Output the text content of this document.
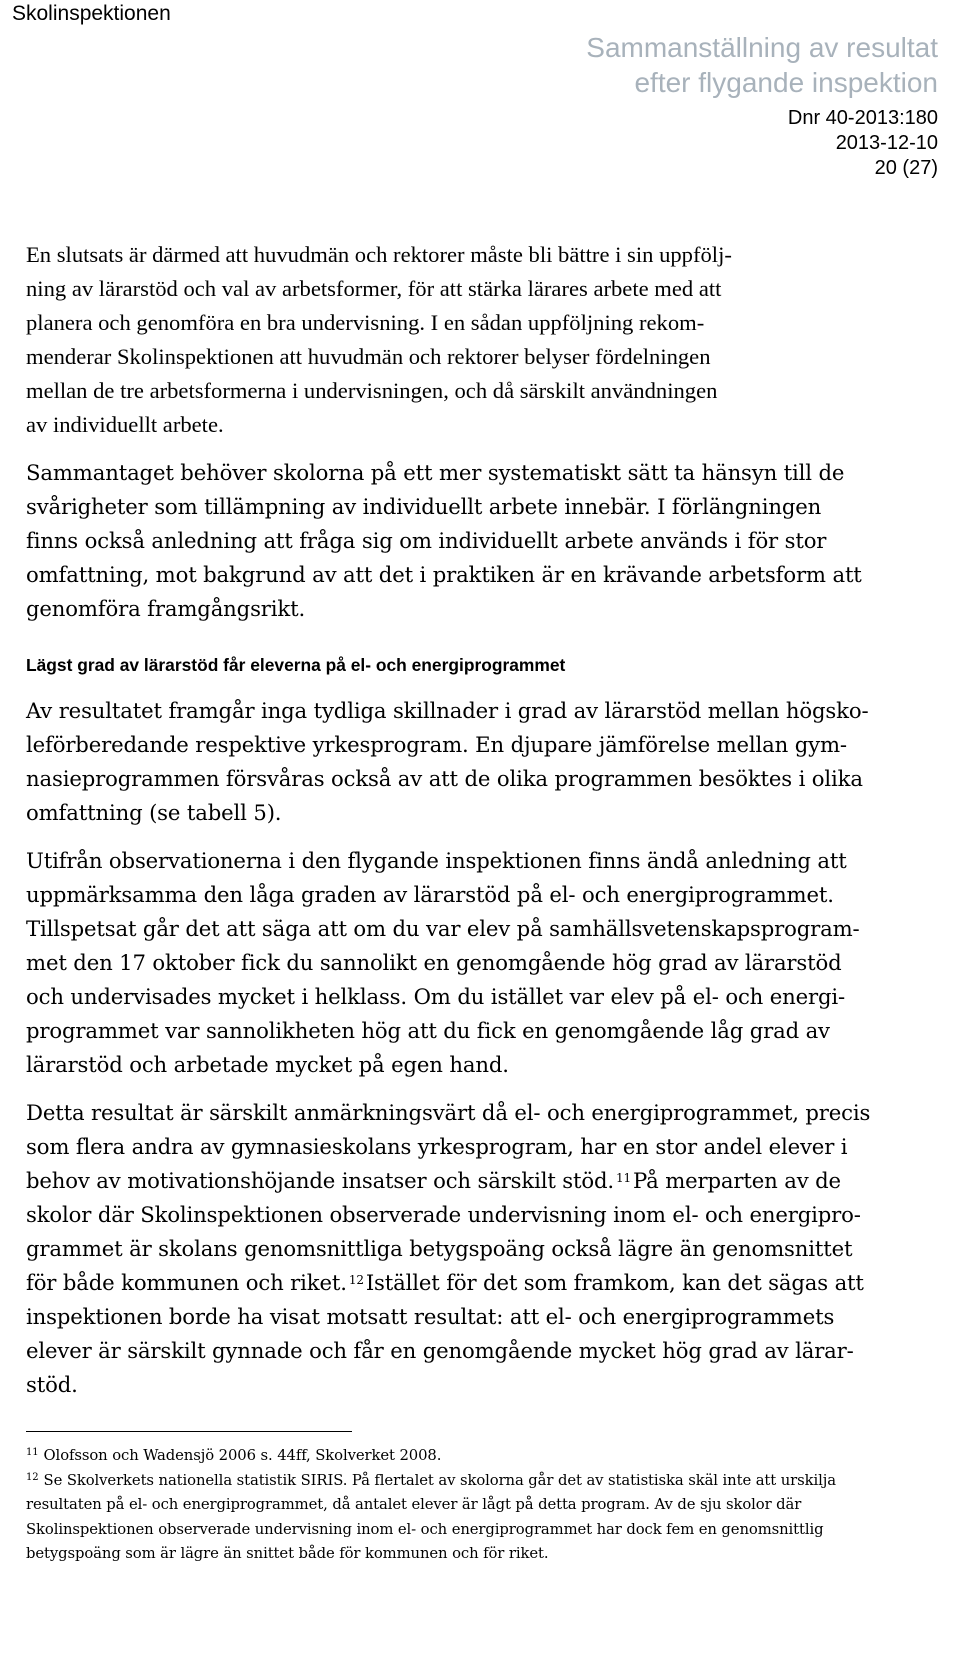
Skolinspektionen
Sammanställning av resultat
efter flygande inspektion
Dnr 40-2013:180
2013-12-10
20 (27)

En slutsats är därmed att huvudmän och rektorer måste bli bättre i sin uppfölj-
ning av lärarstöd och val av arbetsformer, för att stärka lärares arbete med att
planera och genomföra en bra undervisning. I en sådan uppföljning rekom-
menderar Skolinspektionen att huvudmän och rektorer belyser fördelningen
mellan de tre arbetsformerna i undervisningen, och då särskilt användningen
av individuellt arbete.

Sammantaget behöver skolorna på ett mer systematiskt sätt ta hänsyn till de
svårigheter som tillämpning av individuellt arbete innebär. I förlängningen
finns också anledning att fråga sig om individuellt arbete används i för stor
omfattning, mot bakgrund av att det i praktiken är en krävande arbetsform att
genomföra framgångsrikt.

Lägst grad av lärarstöd får eleverna på el- och energiprogrammet

Av resultatet framgår inga tydliga skillnader i grad av lärarstöd mellan högsko-
leförberedande respektive yrkesprogram. En djupare jämförelse mellan gym-
nasieprogrammen försvåras också av att de olika programmen besöktes i olika
omfattning (se tabell 5).

Utifrån observationerna i den flygande inspektionen finns ändå anledning att
uppmärksamma den låga graden av lärarstöd på el- och energiprogrammet.
Tillspetsat går det att säga att om du var elev på samhällsvetenskapsprogram-
met den 17 oktober fick du sannolikt en genomgående hög grad av lärarstöd
och undervisades mycket i helklass. Om du istället var elev på el- och energi-
programmet var sannolikheten hög att du fick en genomgående låg grad av
lärarstöd och arbetade mycket på egen hand.

Detta resultat är särskilt anmärkningsvärt då el- och energiprogrammet, precis
som flera andra av gymnasieskolans yrkesprogram, har en stor andel elever i
behov av motivationshöjande insatser och särskilt stöd. $^{11}$På merparten av de
skolor där Skolinspektionen observerade undervisning inom el- och energipro-
grammet är skolans genomsnittliga betygspoäng också lägre än genomsnittet
för både kommunen och riket. $^{12}$Istället för det som framkom, kan det sägas att
inspektionen borde ha visat motsatt resultat: att el- och energiprogrammets
elever är särskilt gynnade och får en genomgående mycket hög grad av lärar-
stöd.

$^{11}$ Olofsson och Wadensjö 2006 s. 44ff, Skolverket 2008.

$^{12}$ Se Skolverkets nationella statistik SIRIS. På flertalet av skolorna går det av statistiska skäl inte att urskilja
resultaten på el- och energiprogrammet, då antalet elever är lågt på detta program. Av de sju skolor där
Skolinspektionen observerade undervisning inom el- och energiprogrammet har dock fem en genomsnittlig
betygspoäng som är lägre än snittet både för kommunen och för riket.
